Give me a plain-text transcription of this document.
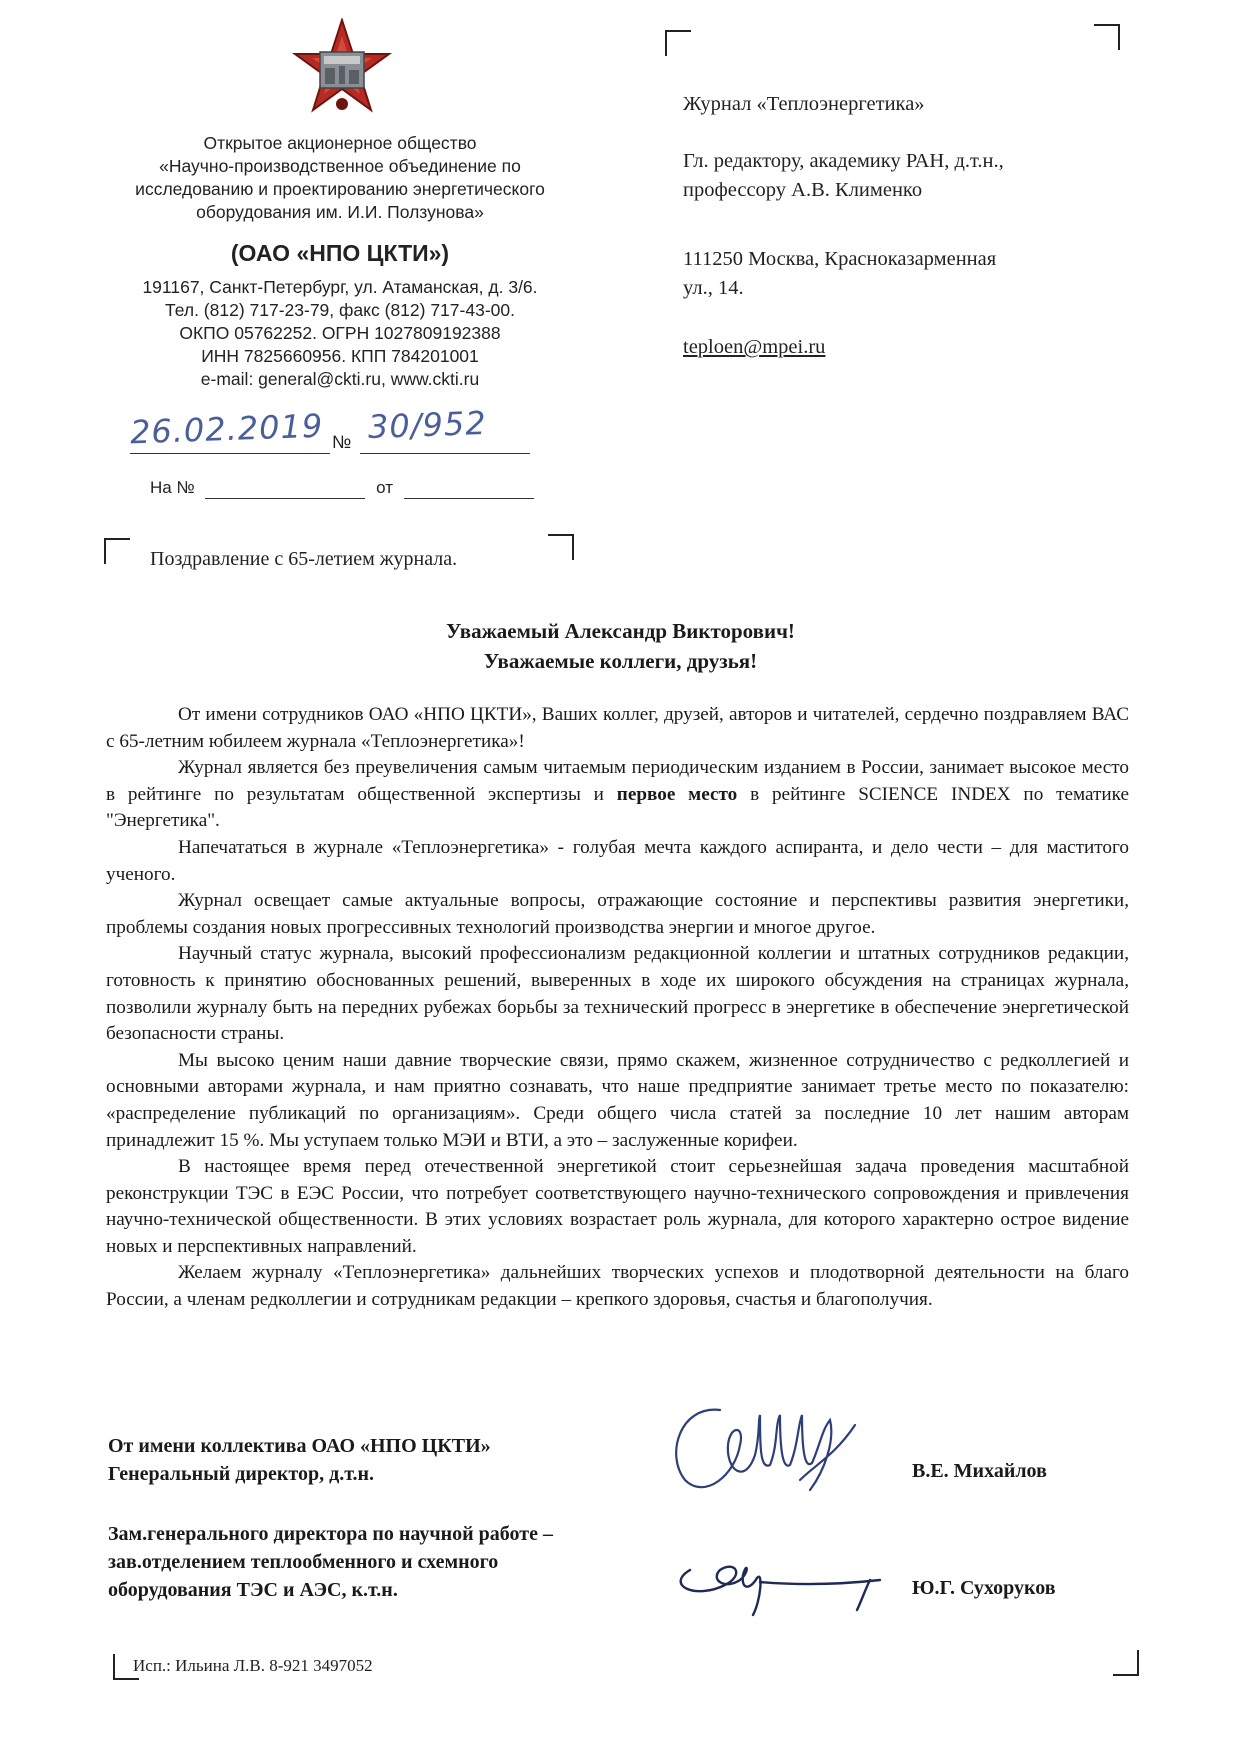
Открытое акционерное общество
«Научно-производственное объединение по
исследованию и проектированию энергетического
оборудования им. И.И. Ползунова»
(ОАО «НПО ЦКТИ»)
191167, Санкт-Петербург, ул. Атаманская, д. 3/6.
Тел. (812) 717-23-79, факс (812) 717-43-00.
ОКПО 05762252. ОГРН 1027809192388
ИНН 7825660956. КПП 784201001
e-mail: general@ckti.ru, www.ckti.ru
26.02.2019 № 30/952
На №	от
Журнал «Теплоэнергетика»
Гл. редактору, академику РАН, д.т.н.,
профессору А.В. Клименко
111250 Москва, Красноказарменная
ул., 14.
teploen@mpei.ru
Поздравление с 65-летием журнала.
Уважаемый Александр Викторович!
Уважаемые коллеги, друзья!

От имени сотрудников ОАО «НПО ЦКТИ», Ваших коллег, друзей, авторов и читателей, сердечно поздравляем ВАС с 65-летним юбилеем журнала «Теплоэнергетика»!

Журнал является без преувеличения самым читаемым периодическим изданием в России, занимает высокое место в рейтинге по результатам общественной экспертизы и первое место в рейтинге SCIENCE INDEX по тематике "Энергетика".

Напечататься в журнале «Теплоэнергетика» - голубая мечта каждого аспиранта, и дело чести – для маститого ученого.

Журнал освещает самые актуальные вопросы, отражающие состояние и перспективы развития энергетики, проблемы создания новых прогрессивных технологий производства энергии и многое другое.

Научный статус журнала, высокий профессионализм редакционной коллегии и штатных сотрудников редакции, готовность к принятию обоснованных решений, выверенных в ходе их широкого обсуждения на страницах журнала, позволили журналу быть на передних рубежах борьбы за технический прогресс в энергетике в обеспечение энергетической безопасности страны.

Мы высоко ценим наши давние творческие связи, прямо скажем, жизненное сотрудничество с редколлегией и основными авторами журнала, и нам приятно сознавать, что наше предприятие занимает третье место по показателю: «распределение публикаций по организациям». Среди общего числа статей за последние 10 лет нашим авторам принадлежит 15 %. Мы уступаем только МЭИ и ВТИ, а это – заслуженные корифеи.

В настоящее время перед отечественной энергетикой стоит серьезнейшая задача проведения масштабной реконструкции ТЭС в ЕЭС России, что потребует соответствующего научно-технического сопровождения и привлечения научно-технической общественности. В этих условиях возрастает роль журнала, для которого характерно острое видение новых и перспективных направлений.

Желаем журналу «Теплоэнергетика» дальнейших творческих успехов и плодотворной деятельности на благо России, а членам редколлегии и сотрудникам редакции – крепкого здоровья, счастья и благополучия.

От имени коллектива ОАО «НПО ЦКТИ»
Генеральный директор, д.т.н.	В.Е. Михайлов
Зам.генерального директора по научной работе –
зав.отделением теплообменного и схемного
оборудования ТЭС и АЭС, к.т.н.	Ю.Г. Сухоруков
Исп.: Ильина Л.В. 8-921 3497052
